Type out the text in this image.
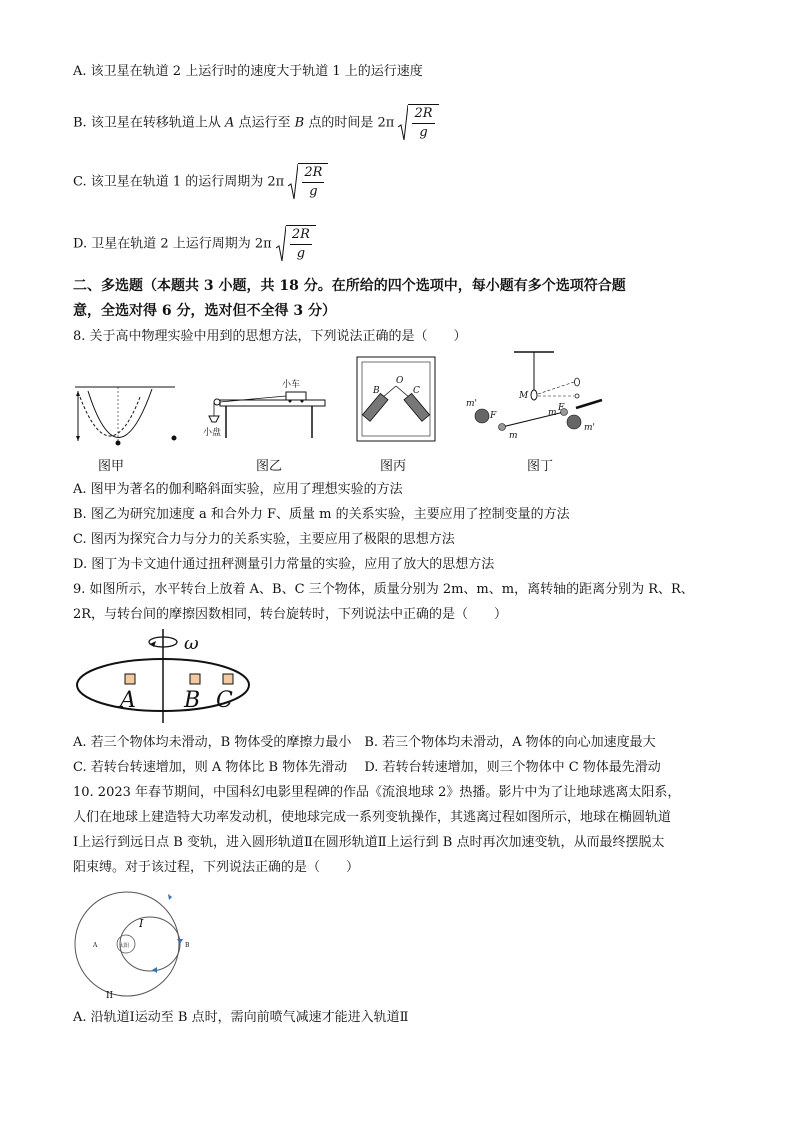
A. 该卫星在轨道 2 上运行时的速度大于轨道 1 上的运行速度
B. 该卫星在转移轨道上从 A 点运行至 B 点的时间是 $2\pi \frac{2R}{g}$
C. 该卫星在轨道 1 的运行周期为 $2\pi \frac{2R}{g}$
D. 卫星在轨道 2 上运行周期为 $2\pi \frac{2R}{g}$
二、多选题（本题共 3 小题，共 18 分。在所给的四个选项中，每小题有多个选项符合题
意，全选对得 6 分，选对但不全得 3 分）
8. 关于高中物理实验中用到的思想方法，下列说法正确的是（　　）
图甲
小车
小盘
图乙
O
B	C
图丙
M
m'
F
m
m F
m'
图丁
A. 图甲为著名的伽利略斜面实验，应用了理想实验的方法
B. 图乙为研究加速度 a 和合外力 F、质量 m 的关系实验，主要应用了控制变量的方法
C. 图丙为探究合力与分力的关系实验，主要应用了极限的思想方法
D. 图丁为卡文迪什通过扭秤测量引力常量的实验，应用了放大的思想方法
9. 如图所示，水平转台上放着 A、B、C 三个物体，质量分别为 2m、m、m，离转轴的距离分别为 R、R、
2R，与转台间的摩擦因数相同，转台旋转时，下列说法中正确的是（　　）
ω
A B C
A. 若三个物体均未滑动，B 物体受的摩擦力最小　B. 若三个物体均未滑动，A 物体的向心加速度最大
C. 若转台转速增加，则 A 物体比 B 物体先滑动　 D. 若转台转速增加，则三个物体中 C 物体最先滑动
10. 2023 年春节期间，中国科幻电影里程碑的作品《流浪地球 2》热播。影片中为了让地球逃离太阳系，
人们在地球上建造特大功率发动机，使地球完成一系列变轨操作，其逃离过程如图所示，地球在椭圆轨道
Ⅰ上运行到远日点 B 变轨，进入圆形轨道Ⅱ在圆形轨道Ⅱ上运行到 B 点时再次加速变轨，从而最终摆脱太
阳束缚。对于该过程，下列说法正确的是（　　）
太阳
I
II
A	B
A. 沿轨道Ⅰ运动至 B 点时，需向前喷气减速才能进入轨道Ⅱ
